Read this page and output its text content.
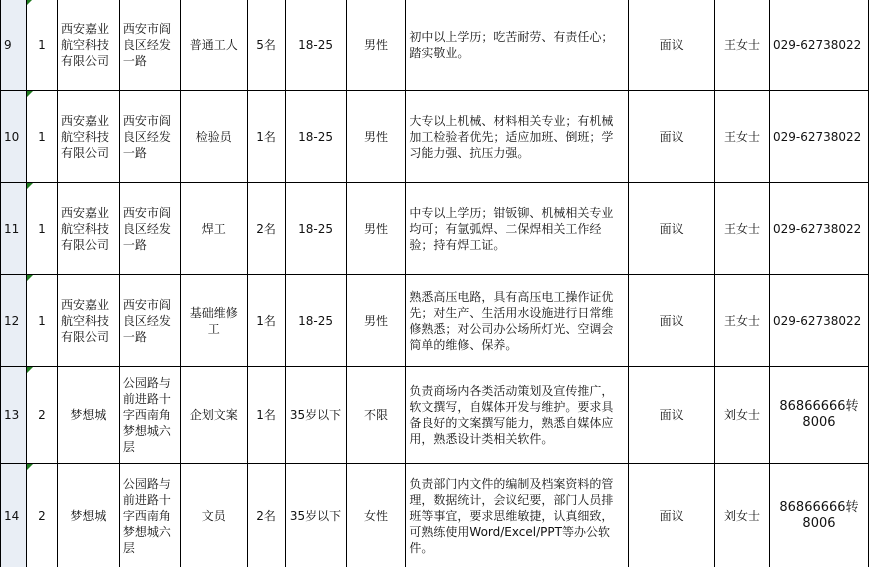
9	1	西安嘉业航空科技有限公司	西安市阎良区经发一路	普通工人	5名	18-25	男性	初中以上学历；吃苦耐劳、有责任心；踏实敬业。	面议	王女士	029-62738022
10	1	西安嘉业航空科技有限公司	西安市阎良区经发一路	检验员	1名	18-25	男性	大专以上机械、材料相关专业；有机械加工检验者优先；适应加班、倒班；学习能力强、抗压力强。	面议	王女士	029-62738022
11	1	西安嘉业航空科技有限公司	西安市阎良区经发一路	焊工	2名	18-25	男性	中专以上学历；钳钣铆、机械相关专业均可；有氩弧焊、二保焊相关工作经验；持有焊工证。	面议	王女士	029-62738022
12	1	西安嘉业航空科技有限公司	西安市阎良区经发一路	基础维修工	1名	18-25	男性	熟悉高压电路，具有高压电工操作证优先；对生产、生活用水设施进行日常维修熟悉；对公司办公场所灯光、空调会简单的维修、保养。	面议	王女士	029-62738022
13	2	梦想城	公园路与前进路十字西南角梦想城六层	企划文案	1名	35岁以下	不限	负责商场内各类活动策划及宣传推广，软文撰写，自媒体开发与维护。要求具备良好的文案撰写能力，熟悉自媒体应用，熟悉设计类相关软件。	面议	刘女士	86866666转8006
14	2	梦想城	公园路与前进路十字西南角梦想城六层	文员	2名	35岁以下	女性	负责部门内文件的编制及档案资料的管理，数据统计，会议纪要，部门人员排班等事宜，要求思维敏捷，认真细致，可熟练使用Word/Excel/PPT等办公软件。	面议	刘女士	86866666转8006
